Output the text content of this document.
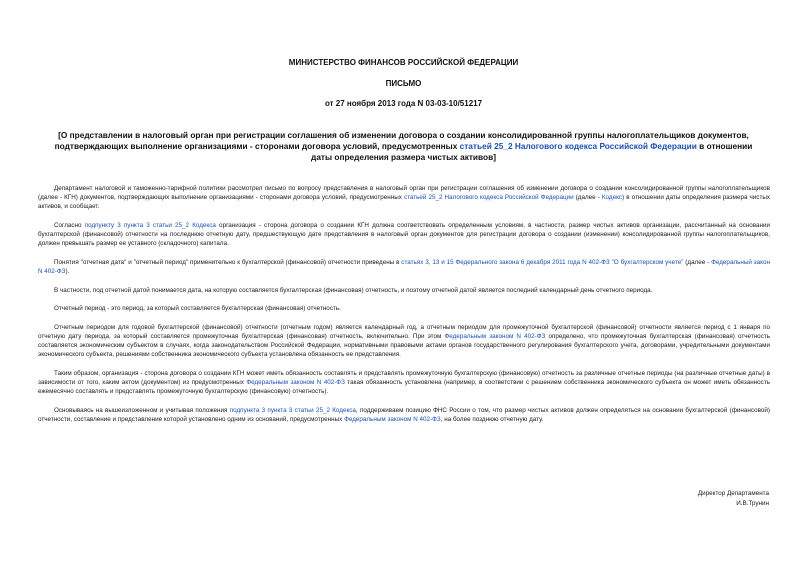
МИНИСТЕРСТВО ФИНАНСОВ РОССИЙСКОЙ ФЕДЕРАЦИИ
ПИСЬМО
от 27 ноября 2013 года N 03-03-10/51217
[О представлении в налоговый орган при регистрации соглашения об изменении договора о создании консолидированной группы налогоплательщиков документов, подтверждающих выполнение организациями - сторонами договора условий, предусмотренных статьей 25_2 Налогового кодекса Российской Федерации в отношении даты определения размера чистых активов]

Департамент налоговой и таможенно-тарифной политики рассмотрел письмо по вопросу представления в налоговый орган при регистрации соглашения об изменении договора о создании консолидированной группы налогоплательщиков (далее - КГН) документов, подтверждающих выполнение организациями - сторонами договора условий, предусмотренных статьей 25_2 Налогового кодекса Российской Федерации (далее - Кодекс) в отношении даты определения размера чистых активов, и сообщает.

Согласно подпункту 3 пункта 3 статьи 25_2 Кодекса организация - сторона договора о создании КГН должна соответствовать определенным условиям, в частности, размер чистых активов организации, рассчитанный на основании бухгалтерской (финансовой) отчетности на последнюю отчетную дату, предшествующую дате представления в налоговый орган документов для регистрации договора о создании (изменении) консолидированной группы налогоплательщиков, должен превышать размер ее уставного (складочного) капитала.

Понятия "отчетная дата" и "отчетный период" применительно к бухгалтерской (финансовой) отчетности приведены в статьях 3, 13 и 15 Федерального закона 6 декабря 2011 года N 402-ФЗ "О бухгалтерском учете" (далее - Федеральный закон N 402-ФЗ).

В частности, под отчетной датой понимается дата, на которую составляется бухгалтерская (финансовая) отчетность, и поэтому отчетной датой является последний календарный день отчетного периода.

Отчетный период - это период, за который составляется бухгалтерская (финансовая) отчетность.

Отчетным периодом для годовой бухгалтерской (финансовой) отчетности (отчетным годом) является календарный год, а отчетным периодом для промежуточной бухгалтерской (финансовой) отчетности является период с 1 января по отчетную дату периода, за который составляется промежуточная бухгалтерская (финансовая) отчетность, включительно. При этом Федеральным законом N 402-ФЗ определено, что промежуточная бухгалтерская (финансовая) отчетность составляется экономическим субъектом в случаях, когда законодательством Российской Федерации, нормативными правовыми актами органов государственного регулирования бухгалтерского учета, договорами, учредительными документами экономического субъекта, решениями собственника экономического субъекта установлена обязанность ее представления.

Таким образом, организация - сторона договора о создании КГН может иметь обязанность составлять и представлять промежуточную бухгалтерскую (финансовую) отчетность за различные отчетные периоды (на различные отчетные даты) в зависимости от того, каким актом (документом) из предусмотренных Федеральным законом N 402-ФЗ такая обязанность установлена (например, в соответствии с решением собственника экономического субъекта он может иметь обязанность ежемесячно составлять и представлять промежуточную бухгалтерскую (финансовую) отчетность).

Основываясь на вышеизложенном и учитывая положения подпункта 3 пункта 3 статьи 25_2 Кодекса, поддерживаем позицию ФНС России о том, что размер чистых активов должен определяться на основании бухгалтерской (финансовой) отчетности, составление и представление которой установлено одним из оснований, предусмотренных Федеральным законом N 402-ФЗ, на более позднюю отчетную дату.

Директор Департамента
И.В.Трунин
